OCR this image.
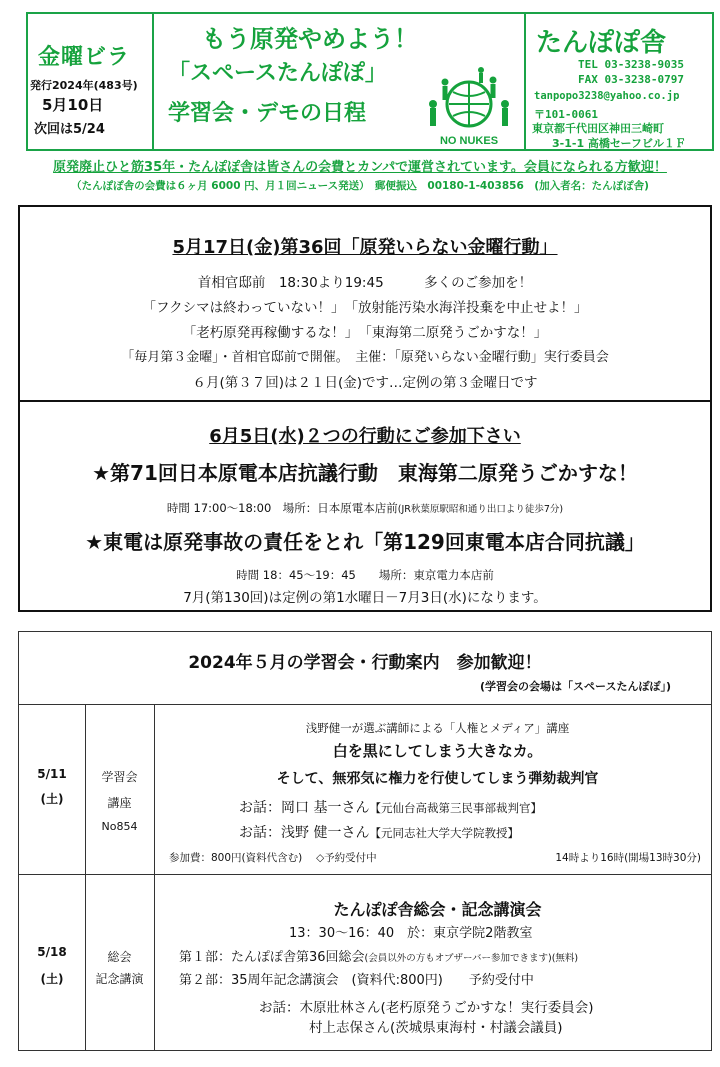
金曜ビラ
発行2024年(483号)
5月10日
次回は5/24
もう原発やめよう！
「スペースたんぽぽ」
学習会・デモの日程
NO NUKES
たんぽぽ舎
TEL 03-3238-9035
FAX 03-3238-0797
tanpopo3238@yahoo.co.jp
〒101-0061
東京都千代田区神田三崎町
3-1-1 高橋セーフビル１Ｆ
原発廃止ひと筋35年・たんぽぽ舎は皆さんの会費とカンパで運営されています。会員になられる方歓迎！
（たんぽぽ舎の会費は６ヶ月 6000 円、月１回ニュース発送）　郵便振込　00180-1-403856　(加入者名：たんぽぽ舎)
5月17日(金)第36回「原発いらない金曜行動」
首相官邸前　18:30より19:45　　　多くのご参加を！
「フクシマは終わっていない！」　「放射能汚染水海洋投棄を中止せよ！」
「老朽原発再稼働するな！」　「東海第二原発うごかすな！」
「毎月第３金曜」・首相官邸前で開催。　主催：「原発いらない金曜行動」実行委員会
６月(第３７回)は２１日(金)です…定例の第３金曜日です
6月5日(水)２つの行動にご参加下さい
★第71回日本原電本店抗議行動　東海第二原発うごかすな！
時間 17:00～18:00　場所：日本原電本店前(JR秋葉原駅昭和通り出口より徒歩7分)
★東電は原発事故の責任をとれ「第129回東電本店合同抗議」
時間 18：45～19：45　　場所：東京電力本店前
7月(第130回)は定例の第1水曜日－7月3日(水)になります。
2024年５月の学習会・行動案内　参加歓迎！
(学習会の会場は「スペースたんぽぽ」)
5/11
(土)
学習会
講座
No854
浅野健一が選ぶ講師による「人権とメディア」講座
白を黒にしてしまう大きなカ。
そして、無邪気に権力を行使してしまう弾劾裁判官
お話：岡口 基一さん【元仙台高裁第三民事部裁判官】
お話：浅野 健一さん【元同志社大学大学院教授】
参加費：800円(資料代含む)　 ◇予約受付中	14時より16時(開場13時30分)
5/18
(土)
総会
記念講演
たんぽぽ舎総会・記念講演会
13：30～16：40　於：東京学院2階教室
第１部：たんぽぽ舎第36回総会(会員以外の方もオブザーバー参加できます)(無料)
第２部：35周年記念講演会　(資料代:800円)　　予約受付中
お話：木原壯林さん(老朽原発うごかすな！実行委員会)
村上志保さん(茨城県東海村・村議会議員)
